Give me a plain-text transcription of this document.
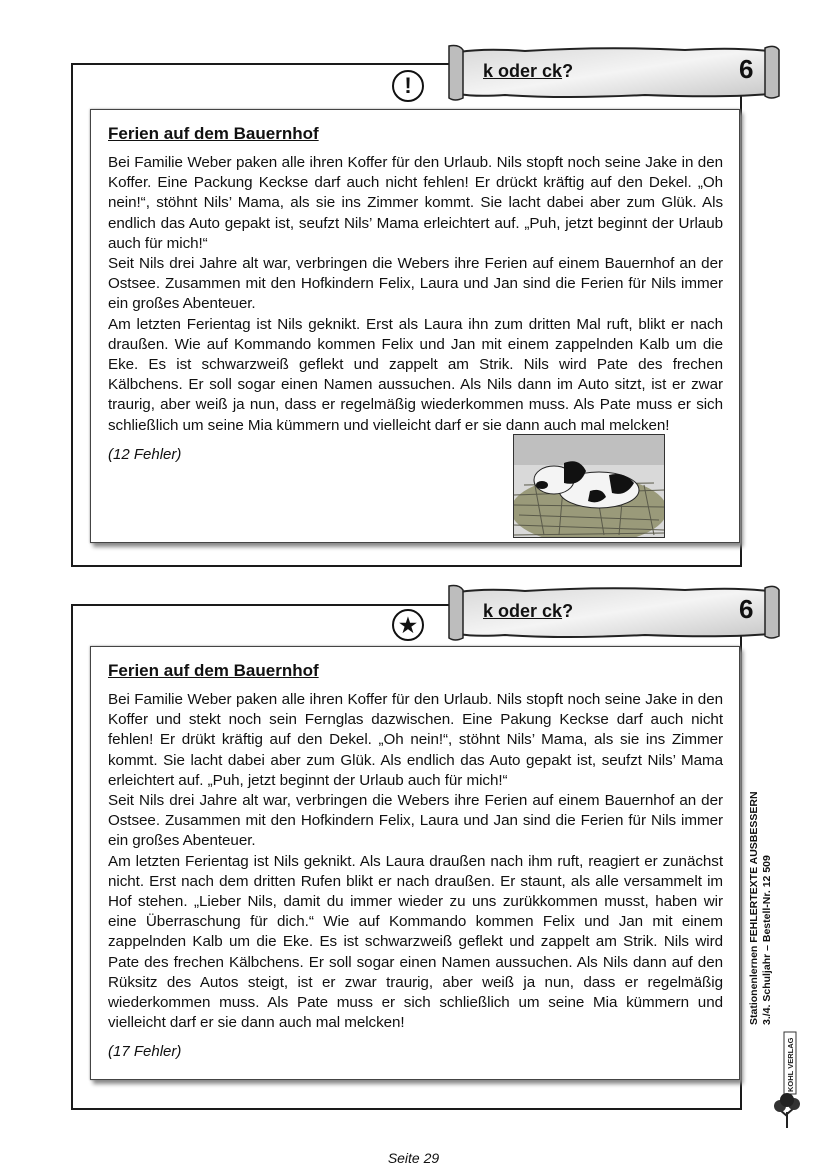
k oder ck?	6
!
Ferien auf dem Bauernhof

Bei Familie Weber paken alle ihren Koffer für den Urlaub. Nils stopft noch seine Jake in den Koffer. Eine Packung Keckse darf auch nicht fehlen! Er drückt kräftig auf den Dekel. „Oh nein!“, stöhnt Nils’ Mama, als sie ins Zimmer kommt. Sie lacht dabei aber zum Glük. Als endlich das Auto gepakt ist, seufzt Nils’ Mama erleichtert auf. „Puh, jetzt beginnt der Urlaub auch für mich!“

Seit Nils drei Jahre alt war, verbringen die Webers ihre Ferien auf einem Bauernhof an der Ostsee. Zusammen mit den Hofkindern Felix, Laura und Jan sind die Ferien für Nils immer ein großes Abenteuer.

Am letzten Ferientag ist Nils geknikt. Erst als Laura ihn zum dritten Mal ruft, blikt er nach draußen. Wie auf Kommando kommen Felix und Jan mit einem zappelnden Kalb um die Eke. Es ist schwarzweiß geflekt und zappelt am Strik. Nils wird Pate des frechen Kälbchens. Er soll sogar einen Namen aussuchen. Als Nils dann im Auto sitzt, ist er zwar traurig, aber weiß ja nun, dass er regelmäßig wiederkommen muss. Als Pate muss er sich schließlich um seine Mia kümmern und vielleicht darf er sie dann auch mal melcken!

(12 Fehler)
k oder ck?	6
★
Ferien auf dem Bauernhof

Bei Familie Weber paken alle ihren Koffer für den Urlaub. Nils stopft noch seine Jake in den Koffer und stekt noch sein Fernglas dazwischen. Eine Pakung Keckse darf auch nicht fehlen! Er drükt kräftig auf den Dekel. „Oh nein!“, stöhnt Nils’ Mama, als sie ins Zimmer kommt. Sie lacht dabei aber zum Glük. Als endlich das Auto gepakt ist, seufzt Nils’ Mama erleichtert auf. „Puh, jetzt beginnt der Urlaub auch für mich!“

Seit Nils drei Jahre alt war, verbringen die Webers ihre Ferien auf einem Bauernhof an der Ostsee. Zusammen mit den Hofkindern Felix, Laura und Jan sind die Ferien für Nils immer ein großes Abenteuer.

Am letzten Ferientag ist Nils geknikt. Als Laura draußen nach ihm ruft, reagiert er zunächst nicht. Erst nach dem dritten Rufen blikt er nach draußen. Er staunt, als alle versammelt im Hof stehen. „Lieber Nils, damit du immer wieder zu uns zurükkommen musst, haben wir eine Überraschung für dich.“ Wie auf Kommando kommen Felix und Jan mit einem zappelnden Kalb um die Eke. Es ist schwarzweiß geflekt und zappelt am Strik. Nils wird Pate des frechen Kälbchens. Er soll sogar einen Namen aussuchen. Als Nils dann auf den Rüksitz des Autos steigt, ist er zwar traurig, aber weiß ja nun, dass er regelmäßig wiederkommen muss. Als Pate muss er sich schließlich um seine Mia kümmern und vielleicht darf er sie dann auch mal melcken!

(17 Fehler)
Stationenlernen FEHLERTEXTE AUSBESSERN 3./4. Schuljahr – Bestell-Nr. 12 509
KOHL VERLAG
Seite 29
